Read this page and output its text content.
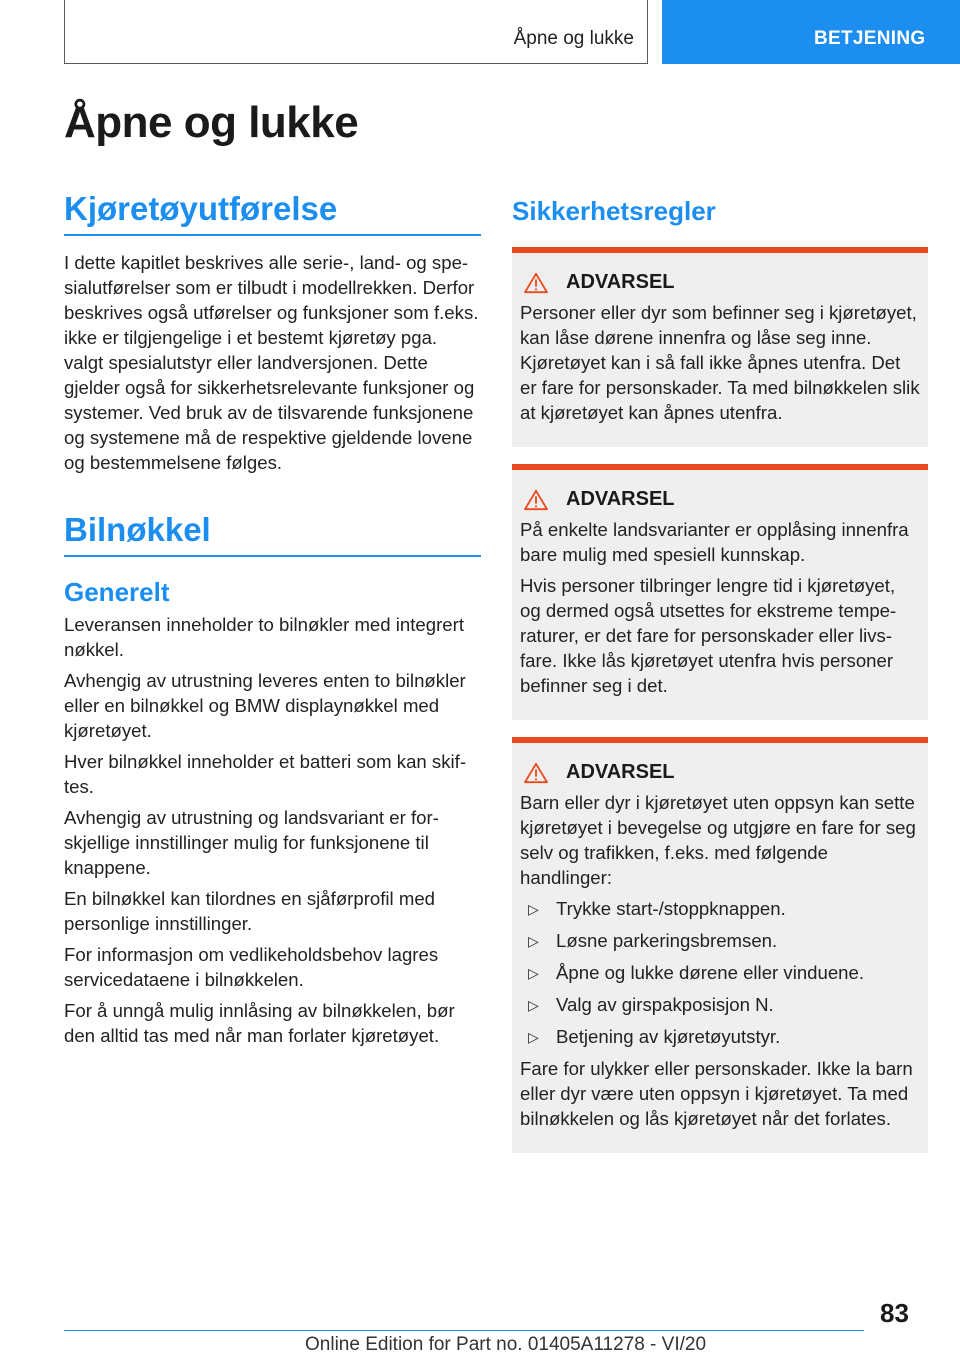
Åpne og lukke	BETJENING
Åpne og lukke
Kjøretøyutførelse

I dette kapitlet beskrives alle serie-, land- og spesialutførelser som er tilbudt i modellrekken. Derfor beskrives også utførelser og funksjoner som f.eks. ikke er tilgjengelige i et bestemt kjøretøy pga. valgt spesialutstyr eller landversjonen. Dette gjelder også for sikkerhetsrelevante funksjoner og systemer. Ved bruk av de tilsvarende funksjonene og systemene må de respektive gjeldende lovene og bestemmelsene følges.

Bilnøkkel
Generelt

Leveransen inneholder to bilnøkler med integrert nøkkel.

Avhengig av utrustning leveres enten to bilnøkler eller en bilnøkkel og BMW displaynøkkel med kjøretøyet.

Hver bilnøkkel inneholder et batteri som kan skiftes.

Avhengig av utrustning og landsvariant er forskjellige innstillinger mulig for funksjonene til knappene.

En bilnøkkel kan tilordnes en sjåførprofil med personlige innstillinger.

For informasjon om vedlikeholdsbehov lagres servicedataene i bilnøkkelen.

For å unngå mulig innlåsing av bilnøkkelen, bør den alltid tas med når man forlater kjøretøyet.

Sikkerhetsregler
ADVARSEL

Personer eller dyr som befinner seg i kjøretøyet, kan låse dørene innenfra og låse seg inne. Kjøretøyet kan i så fall ikke åpnes utenfra. Det er fare for personskader. Ta med bilnøkkelen slik at kjøretøyet kan åpnes utenfra.

ADVARSEL

På enkelte landsvarianter er opplåsing innenfra bare mulig med spesiell kunnskap.

Hvis personer tilbringer lengre tid i kjøretøyet, og dermed også utsettes for ekstreme temperaturer, er det fare for personskader eller livsfare. Ikke lås kjøretøyet utenfra hvis personer befinner seg i det.

ADVARSEL

Barn eller dyr i kjøretøyet uten oppsyn kan sette kjøretøyet i bevegelse og utgjøre en fare for seg selv og trafikken, f.eks. med følgende handlinger:

▷ Trykke start-/stoppknappen.
▷ Løsne parkeringsbremsen.
▷ Åpne og lukke dørene eller vinduene.
▷ Valg av girspakposisjon N.
▷ Betjening av kjøretøyutstyr.

Fare for ulykker eller personskader. Ikke la barn eller dyr være uten oppsyn i kjøretøyet. Ta med bilnøkkelen og lås kjøretøyet når det forlates.

83
Online Edition for Part no. 01405A11278 - VI/20
